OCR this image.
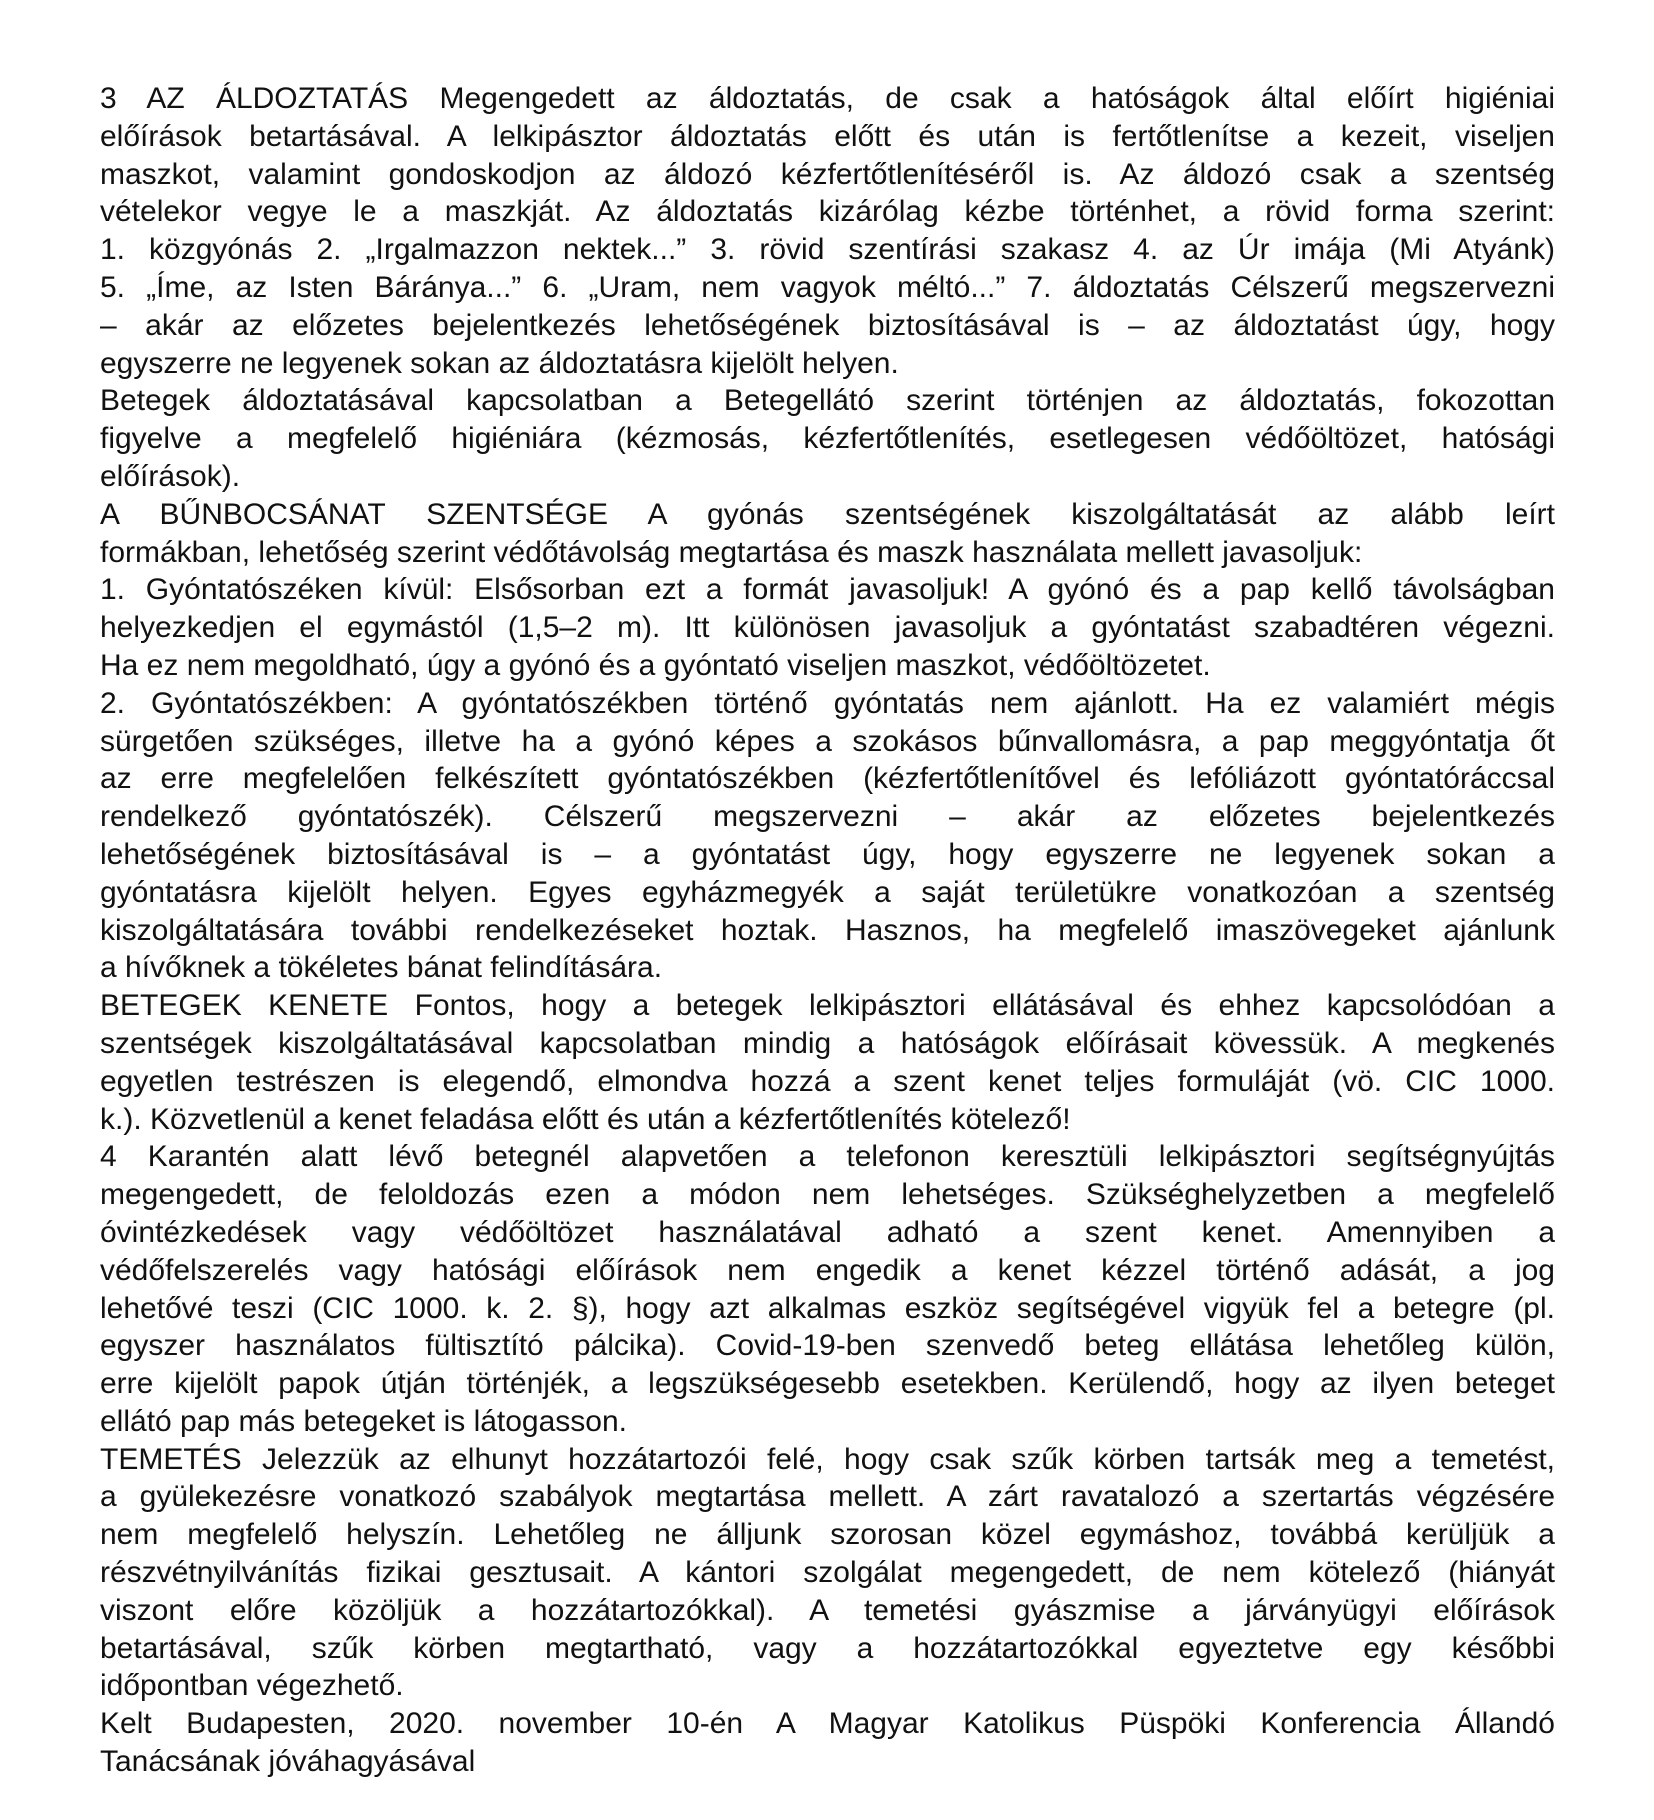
3 AZ ÁLDOZTATÁS Megengedett az áldoztatás, de csak a hatóságok által előírt higiéniai
előírások betartásával. A lelkipásztor áldoztatás előtt és után is fertőtlenítse a kezeit, viseljen
maszkot, valamint gondoskodjon az áldozó kézfertőtlenítéséről is. Az áldozó csak a szentség
vételekor vegye le a maszkját. Az áldoztatás kizárólag kézbe történhet, a rövid forma szerint:
1. közgyónás 2. „Irgalmazzon nektek...” 3. rövid szentírási szakasz 4. az Úr imája (Mi Atyánk)
5. „Íme, az Isten Báránya...” 6. „Uram, nem vagyok méltó...” 7. áldoztatás Célszerű megszervezni
– akár az előzetes bejelentkezés lehetőségének biztosításával is – az áldoztatást úgy, hogy
egyszerre ne legyenek sokan az áldoztatásra kijelölt helyen.
Betegek áldoztatásával kapcsolatban a Betegellátó szerint történjen az áldoztatás, fokozottan
figyelve a megfelelő higiéniára (kézmosás, kézfertőtlenítés, esetlegesen védőöltözet, hatósági
előírások).
A BŰNBOCSÁNAT SZENTSÉGE A gyónás szentségének kiszolgáltatását az alább leírt
formákban, lehetőség szerint védőtávolság megtartása és maszk használata mellett javasoljuk:
1. Gyóntatószéken kívül: Elsősorban ezt a formát javasoljuk! A gyónó és a pap kellő távolságban
helyezkedjen el egymástól (1,5–2 m). Itt különösen javasoljuk a gyóntatást szabadtéren végezni.
Ha ez nem megoldható, úgy a gyónó és a gyóntató viseljen maszkot, védőöltözetet.
2. Gyóntatószékben: A gyóntatószékben történő gyóntatás nem ajánlott. Ha ez valamiért mégis
sürgetően szükséges, illetve ha a gyónó képes a szokásos bűnvallomásra, a pap meggyóntatja őt
az erre megfelelően felkészített gyóntatószékben (kézfertőtlenítővel és lefóliázott gyóntatóráccsal
rendelkező gyóntatószék). Célszerű megszervezni – akár az előzetes bejelentkezés
lehetőségének biztosításával is – a gyóntatást úgy, hogy egyszerre ne legyenek sokan a
gyóntatásra kijelölt helyen. Egyes egyházmegyék a saját területükre vonatkozóan a szentség
kiszolgáltatására további rendelkezéseket hoztak. Hasznos, ha megfelelő imaszövegeket ajánlunk
a hívőknek a tökéletes bánat felindítására.
BETEGEK KENETE Fontos, hogy a betegek lelkipásztori ellátásával és ehhez kapcsolódóan a
szentségek kiszolgáltatásával kapcsolatban mindig a hatóságok előírásait kövessük. A megkenés
egyetlen testrészen is elegendő, elmondva hozzá a szent kenet teljes formuláját (vö. CIC 1000.
k.). Közvetlenül a kenet feladása előtt és után a kézfertőtlenítés kötelező!
4 Karantén alatt lévő betegnél alapvetően a telefonon keresztüli lelkipásztori segítségnyújtás
megengedett, de feloldozás ezen a módon nem lehetséges. Szükséghelyzetben a megfelelő
óvintézkedések vagy védőöltözet használatával adható a szent kenet. Amennyiben a
védőfelszerelés vagy hatósági előírások nem engedik a kenet kézzel történő adását, a jog
lehetővé teszi (CIC 1000. k. 2. §), hogy azt alkalmas eszköz segítségével vigyük fel a betegre (pl.
egyszer használatos fültisztító pálcika). Covid-19-ben szenvedő beteg ellátása lehetőleg külön,
erre kijelölt papok útján történjék, a legszükségesebb esetekben. Kerülendő, hogy az ilyen beteget
ellátó pap más betegeket is látogasson.
TEMETÉS Jelezzük az elhunyt hozzátartozói felé, hogy csak szűk körben tartsák meg a temetést,
a gyülekezésre vonatkozó szabályok megtartása mellett. A zárt ravatalozó a szertartás végzésére
nem megfelelő helyszín. Lehetőleg ne álljunk szorosan közel egymáshoz, továbbá kerüljük a
részvétnyilvánítás fizikai gesztusait. A kántori szolgálat megengedett, de nem kötelező (hiányát
viszont előre közöljük a hozzátartozókkal). A temetési gyászmise a járványügyi előírások
betartásával, szűk körben megtartható, vagy a hozzátartozókkal egyeztetve egy későbbi
időpontban végezhető.
Kelt Budapesten, 2020. november 10-én A Magyar Katolikus Püspöki Konferencia Állandó
Tanácsának jóváhagyásával
